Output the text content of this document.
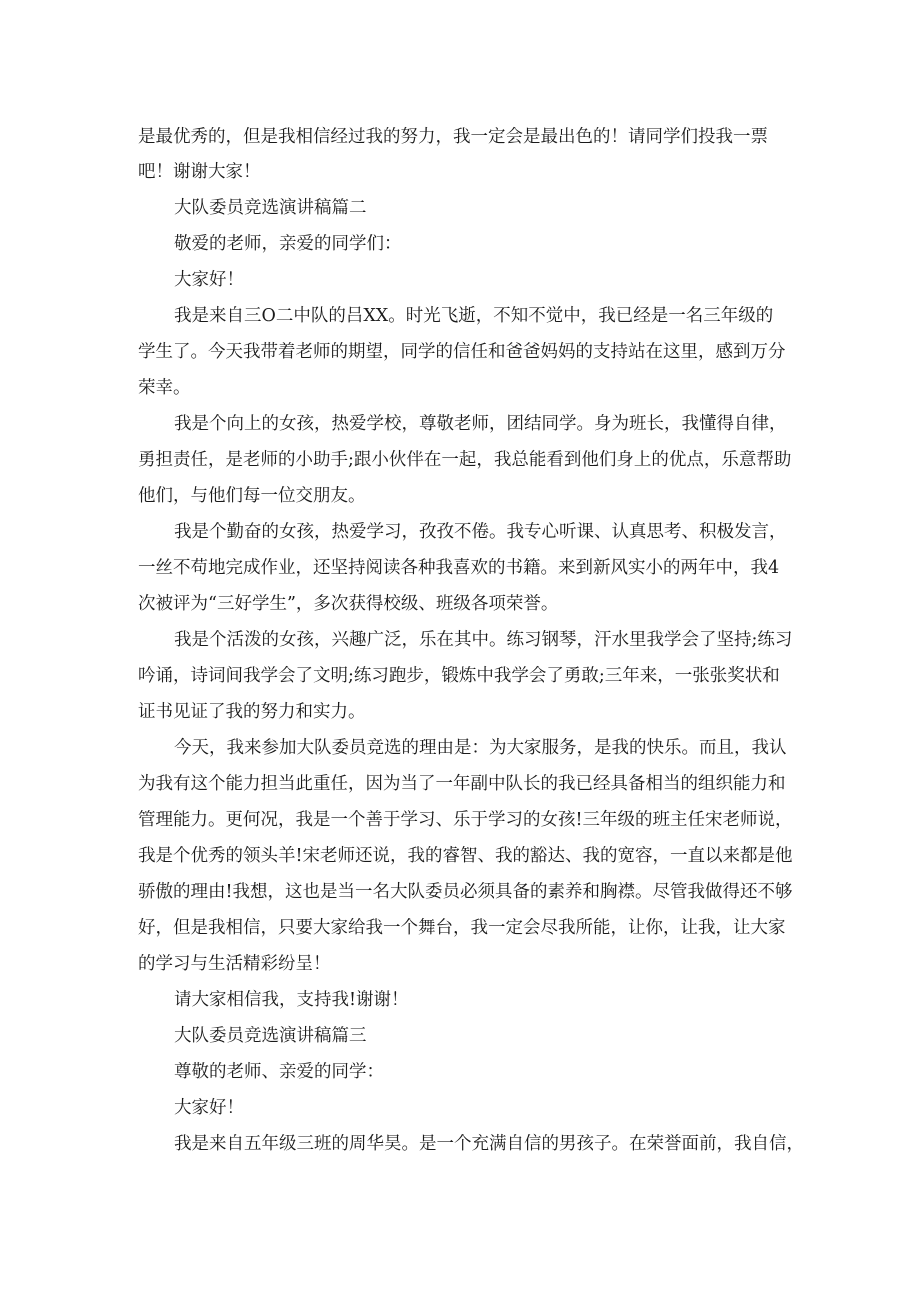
是最优秀的，但是我相信经过我的努力，我一定会是最出色的！请同学们投我一票
吧！谢谢大家！
大队委员竞选演讲稿篇二
敬爱的老师，亲爱的同学们：
大家好！
我是来自三O二中队的吕XX。时光飞逝，不知不觉中，我已经是一名三年级的
学生了。今天我带着老师的期望，同学的信任和爸爸妈妈的支持站在这里，感到万分
荣幸。
我是个向上的女孩，热爱学校，尊敬老师，团结同学。身为班长，我懂得自律，
勇担责任，是老师的小助手;跟小伙伴在一起，我总能看到他们身上的优点，乐意帮助
他们，与他们每一位交朋友。
我是个勤奋的女孩，热爱学习，孜孜不倦。我专心听课、认真思考、积极发言，
一丝不苟地完成作业，还坚持阅读各种我喜欢的书籍。来到新风实小的两年中，我4
次被评为“三好学生”，多次获得校级、班级各项荣誉。
我是个活泼的女孩，兴趣广泛，乐在其中。练习钢琴，汗水里我学会了坚持;练习
吟诵，诗词间我学会了文明;练习跑步，锻炼中我学会了勇敢;三年来，一张张奖状和
证书见证了我的努力和实力。
今天，我来参加大队委员竞选的理由是：为大家服务，是我的快乐。而且，我认
为我有这个能力担当此重任，因为当了一年副中队长的我已经具备相当的组织能力和
管理能力。更何况，我是一个善于学习、乐于学习的女孩!三年级的班主任宋老师说，
我是个优秀的领头羊!宋老师还说，我的睿智、我的豁达、我的宽容，一直以来都是他
骄傲的理由!我想，这也是当一名大队委员必须具备的素养和胸襟。尽管我做得还不够
好，但是我相信，只要大家给我一个舞台，我一定会尽我所能，让你，让我，让大家
的学习与生活精彩纷呈！
请大家相信我，支持我!谢谢！
大队委员竞选演讲稿篇三
尊敬的老师、亲爱的同学：
大家好！
我是来自五年级三班的周华昊。是一个充满自信的男孩子。在荣誉面前，我自信，
